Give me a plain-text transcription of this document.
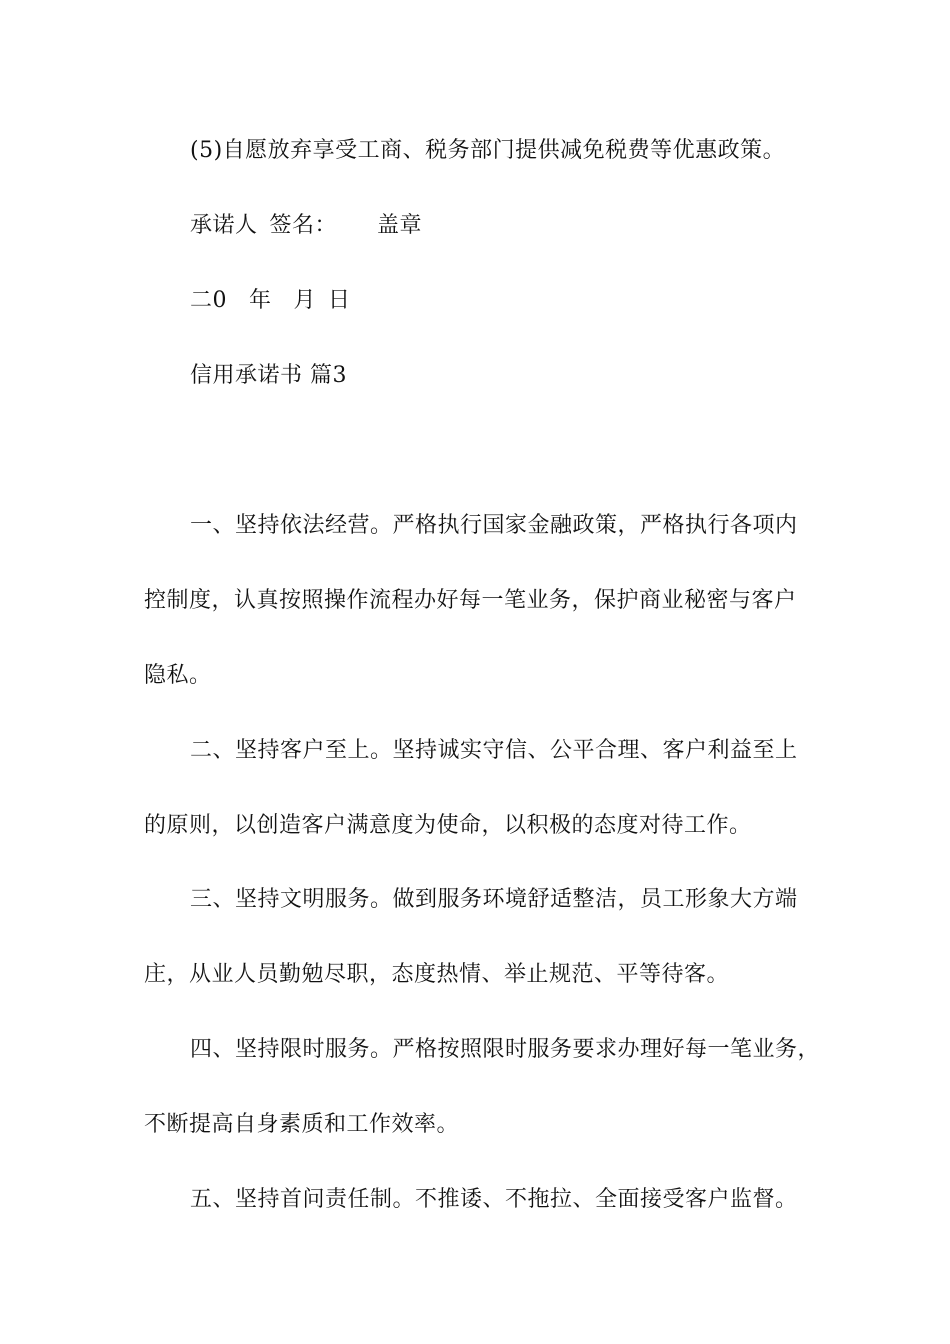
(5)自愿放弃享受工商、税务部门提供减免税费等优惠政策。
承诺人 签名： 盖章
二0 年 月 日
信用承诺书 篇3
一、坚持依法经营。严格执行国家金融政策，严格执行各项内
控制度，认真按照操作流程办好每一笔业务，保护商业秘密与客户
隐私。
二、坚持客户至上。坚持诚实守信、公平合理、客户利益至上
的原则，以创造客户满意度为使命，以积极的态度对待工作。
三、坚持文明服务。做到服务环境舒适整洁，员工形象大方端
庄，从业人员勤勉尽职，态度热情、举止规范、平等待客。
四、坚持限时服务。严格按照限时服务要求办理好每一笔业务，
不断提高自身素质和工作效率。
五、坚持首问责任制。不推诿、不拖拉、全面接受客户监督。
